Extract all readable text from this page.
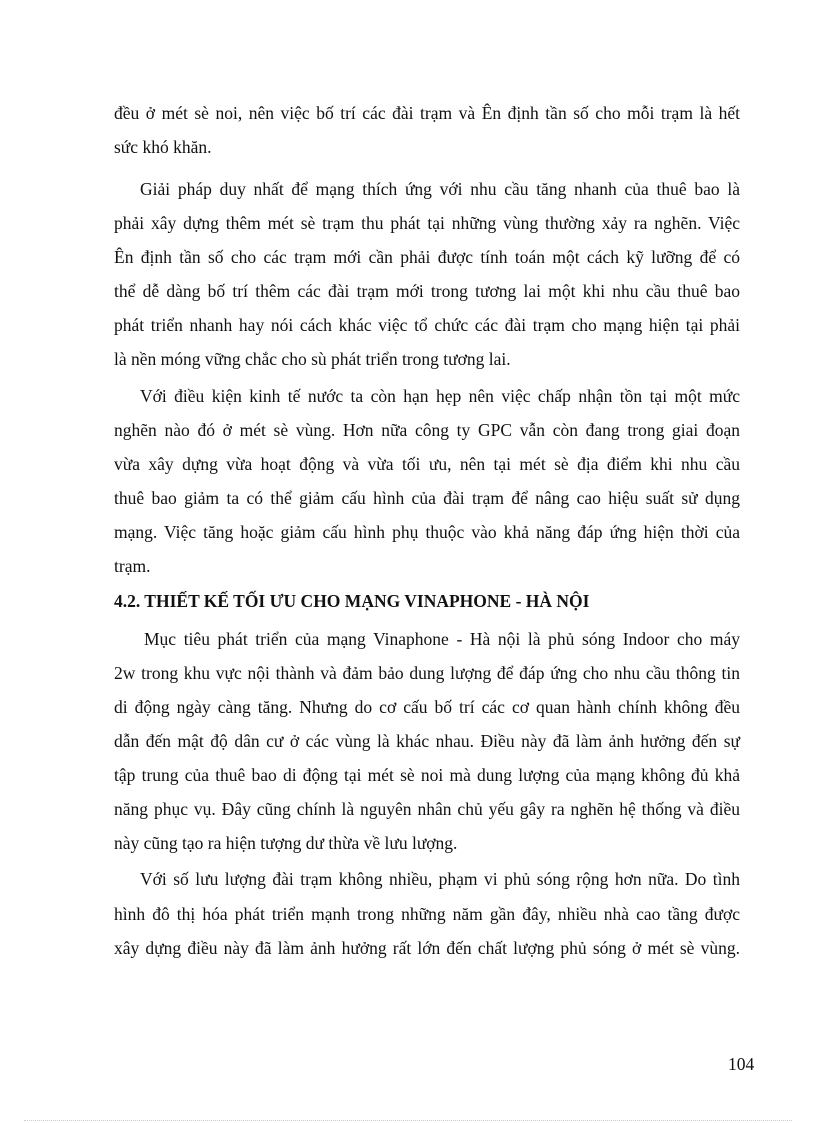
đều ở mét sè noi, nên việc bố trí các đài trạm và Ên định tần số cho mỗi trạm là hết

sức khó khăn.

Giải pháp duy nhất để mạng thích ứng với nhu cầu tăng nhanh của thuê bao là

phải xây dựng thêm mét sè trạm thu phát tại những vùng thường xảy ra nghẽn. Việc

Ên định tần số cho các trạm mới cần phải được tính toán một cách kỹ lưỡng để có

thể dễ dàng bố trí thêm các đài trạm mới trong tương lai một khi nhu cầu thuê bao

phát triển nhanh hay nói cách khác việc tổ chức các đài trạm cho mạng hiện tại phải

là nền móng vững chắc cho sù phát triển trong tương lai.

Với điều kiện kinh tế nước ta còn hạn hẹp nên việc chấp nhận tồn tại một mức

nghẽn nào đó ở mét sè vùng. Hơn nữa công ty GPC vẫn còn đang trong giai đoạn

vừa xây dựng vừa hoạt động và vừa tối ưu, nên tại mét sè địa điểm khi nhu cầu

thuê bao giảm ta có thể giảm cấu hình của đài trạm để nâng cao hiệu suất sử dụng

mạng. Việc tăng hoặc giảm cấu hình phụ thuộc vào khả năng đáp ứng hiện thời của

trạm.

4.2. THIẾT KẾ TỐI ƯU CHO MẠNG VINAPHONE - HÀ NỘI

Mục tiêu phát triển của mạng Vinaphone - Hà nội là phủ sóng Indoor cho máy

2w trong khu vực nội thành và đảm bảo dung lượng để đáp ứng cho nhu cầu thông tin

di động ngày càng tăng. Nhưng do cơ cấu bố trí các cơ quan hành chính không đều

dẫn đến mật độ dân cư ở các vùng là khác nhau. Điều này đã làm ảnh hưởng đến sự

tập trung của thuê bao di động tại mét sè noi mà dung lượng của mạng không đủ khả

năng phục vụ. Đây cũng chính là nguyên nhân chủ yếu gây ra nghẽn hệ thống và điều

này cũng tạo ra hiện tượng dư thừa về lưu lượng.

Với số lưu lượng đài trạm không nhiều, phạm vi phủ sóng rộng hơn nữa. Do tình

hình đô thị hóa phát triển mạnh trong những năm gần đây, nhiều nhà cao tầng được

xây dựng điều này đã làm ảnh hưởng rất lớn đến chất lượng phủ sóng ở mét sè vùng.

104
